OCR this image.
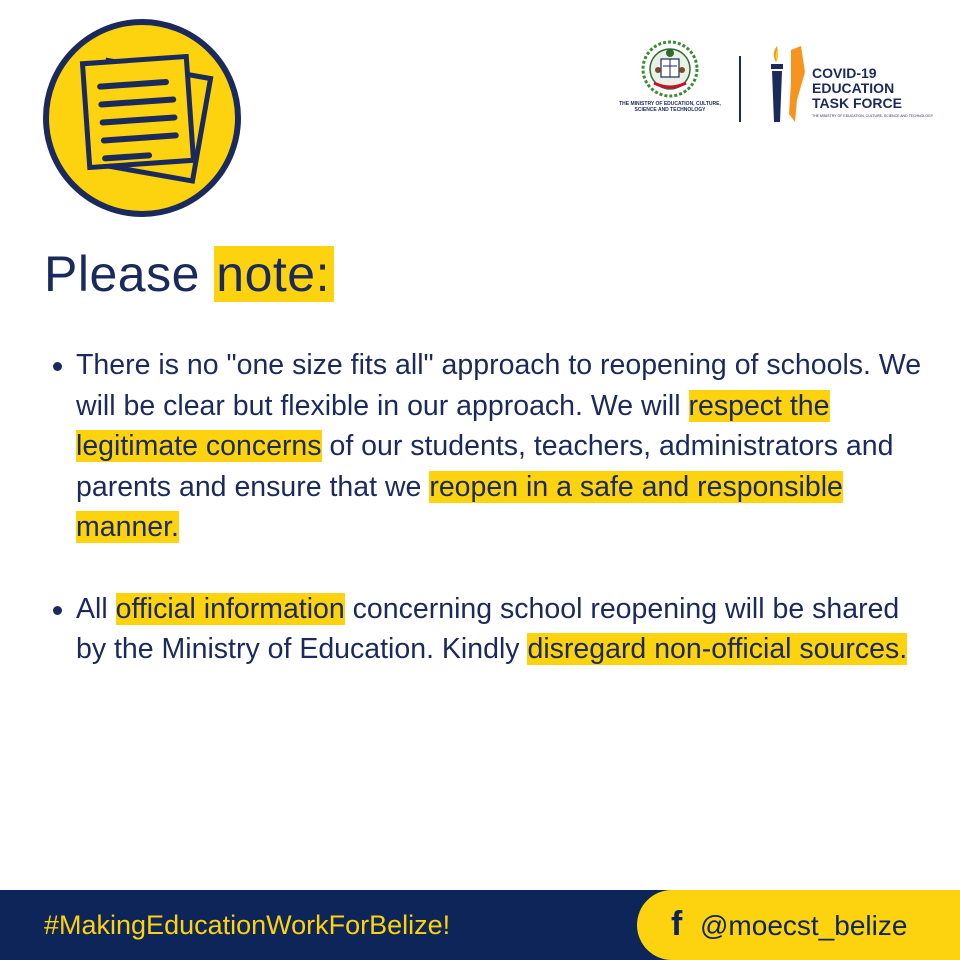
THE MINISTRY OF EDUCATION, CULTURE,
SCIENCE AND TECHNOLOGY
COVID-19
EDUCATION
TASK FORCE
THE MINISTRY OF EDUCATION, CULTURE, SCIENCE AND TECHNOLOGY
Please note:
There is no "one size fits all" approach to reopening of schools. We will be clear but flexible in our approach. We will respect the legitimate concerns of our students, teachers, administrators and parents and ensure that we reopen in a safe and responsible manner.
All official information concerning school reopening will be shared by the Ministry of Education. Kindly disregard non-official sources.
#MakingEducationWorkForBelize!	f @moecst_belize
